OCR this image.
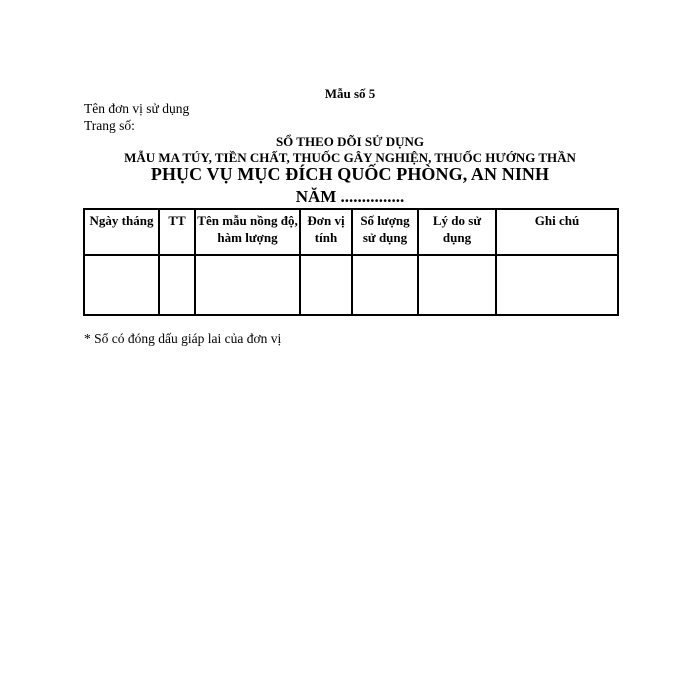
Mẫu số 5
Tên đơn vị sử dụng
Trang số:
SỔ THEO DÕI SỬ DỤNG
MẪU MA TÚY, TIỀN CHẤT, THUỐC GÂY NGHIỆN, THUỐC HƯỚNG THẦN
PHỤC VỤ MỤC ĐÍCH QUỐC PHÒNG, AN NINH
NĂM ...............
Ngày tháng	TT	Tên mẫu nồng độ, hàm lượng	Đơn vị tính	Số lượng sử dụng	Lý do sử dụng	Ghi chú

* Sổ có đóng dấu giáp lai của đơn vị
